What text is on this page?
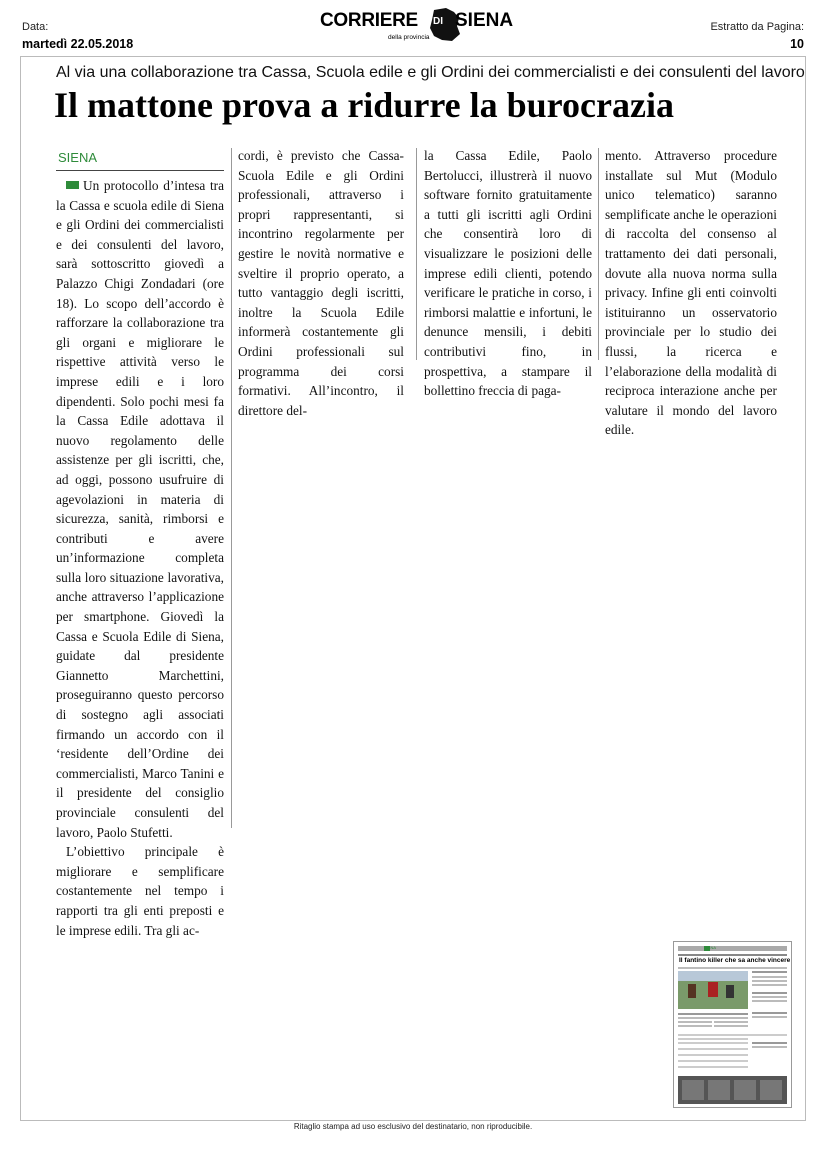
Data:
martedì 22.05.2018
Estratto da Pagina:
10
CORRIERE DI SIENA
della provincia
Al via una collaborazione tra Cassa, Scuola edile e gli Ordini dei commercialisti e dei consulenti del lavoro
Il mattone prova a ridurre la burocrazia
SIENA
Un protocollo d’intesa tra la Cassa e scuola edile di Siena e gli Ordini dei commercialisti e dei consulenti del lavoro, sarà sottoscritto giovedì a Palazzo Chigi Zondadari (ore 18). Lo scopo dell’accordo è rafforzare la collaborazione tra gli organi e migliorare le rispettive attività verso le imprese edili e i loro dipendenti. Solo pochi mesi fa la Cassa Edile adottava il nuovo regolamento delle assistenze per gli iscritti, che, ad oggi, possono usufruire di agevolazioni in materia di sicurezza, sanità, rimborsi e contributi e avere un’informazione completa sulla loro situazione lavorativa, anche attraverso l’applicazione per smartphone. Giovedì la Cassa e Scuola Edile di Siena, guidate dal presidente Giannetto Marchettini, proseguiranno questo percorso di sostegno agli associati firmando un accordo con il ‘residente dell’Ordine dei commercialisti, Marco Tanini e il presidente del consiglio provinciale consulenti del lavoro, Paolo Stufetti.
L’obiettivo principale è migliorare e semplificare costantemente nel tempo i rapporti tra gli enti preposti e le imprese edili. Tra gli ac-
cordi, è previsto che Cassa-Scuola Edile e gli Ordini professionali, attraverso i propri rappresentanti, si incontrino regolarmente per gestire le novità normative e sveltire il proprio operato, a tutto vantaggio degli iscritti, inoltre la Scuola Edile informerà costantemente gli Ordini professionali sul programma dei corsi formativi. All’incontro, il direttore del-
la Cassa Edile, Paolo Bertolucci, illustrerà il nuovo software fornito gratuitamente a tutti gli iscritti agli Ordini che consentirà loro di visualizzare le posizioni delle imprese edili clienti, potendo verificare le pratiche in corso, i rimborsi malattie e infortuni, le denunce mensili, i debiti contributivi fino, in prospettiva, a stampare il bollettino freccia di paga-
mento. Attraverso procedure installate sul Mut (Modulo unico telematico) saranno semplificate anche le operazioni di raccolta del consenso al trattamento dei dati personali, dovute alla nuova norma sulla privacy. Infine gli enti coinvolti istituiranno un osservatorio provinciale per lo studio dei flussi, la ricerca e l’elaborazione della modalità di reciproca interazione anche per valutare il mondo del lavoro edile.
SIENA
Il fantino killer che sa anche vincere
Ritaglio stampa ad uso esclusivo del destinatario, non riproducibile.
